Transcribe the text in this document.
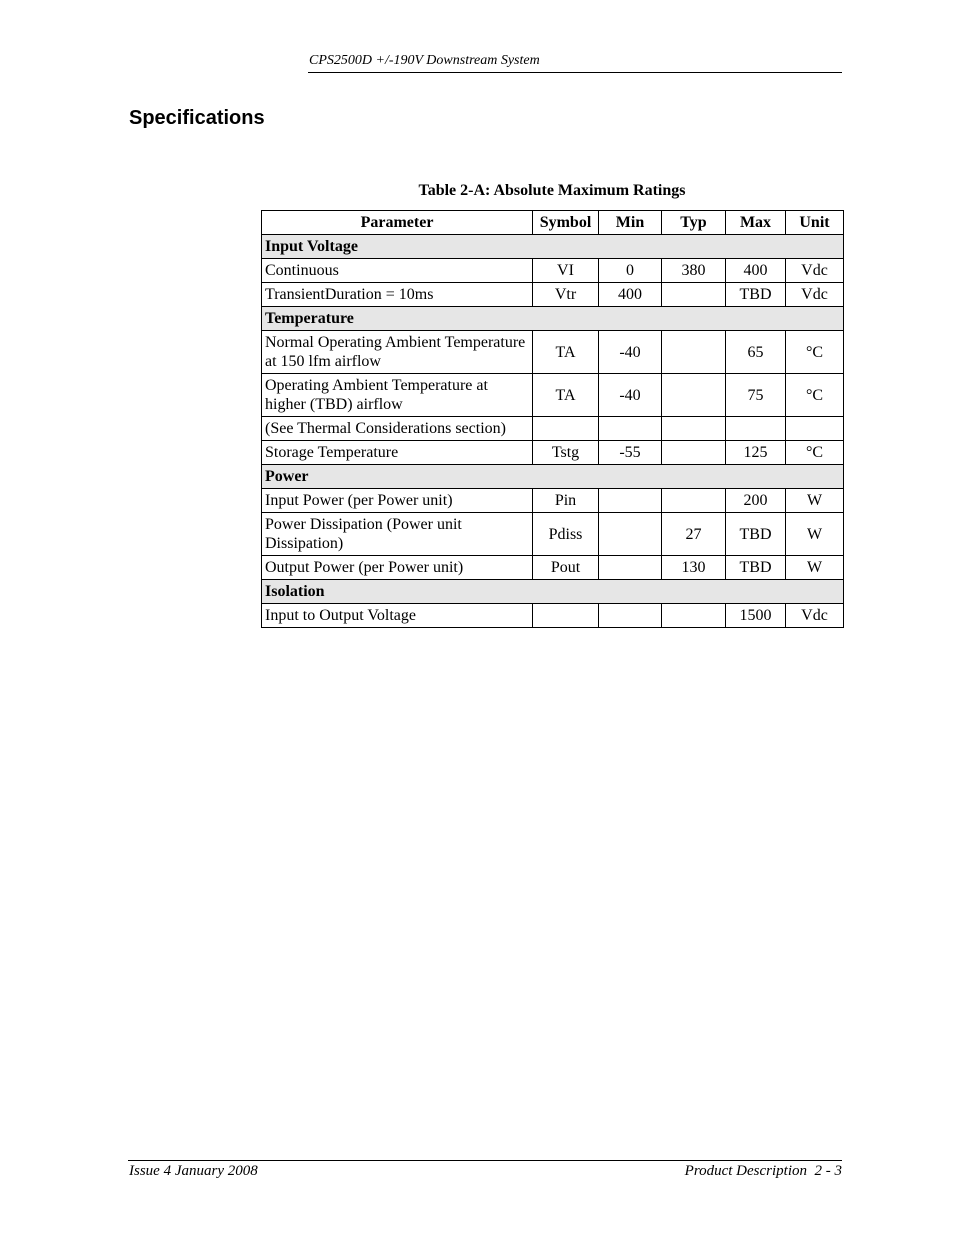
CPS2500D +/-190V Downstream System
Specifications
Table 2-A: Absolute Maximum Ratings
Parameter	Symbol	Min	Typ	Max	Unit
Input Voltage					
Continuous	VI	0	380	400	Vdc
TransientDuration = 10ms	Vtr	400		TBD	Vdc
Temperature					
Normal Operating Ambient Temperature at 150 lfm airflow	TA	-40		65	°C
Operating Ambient Temperature at higher (TBD) airflow	TA	-40		75	°C
(See Thermal Considerations section)					
Storage Temperature	Tstg	-55		125	°C
Power					
Input Power (per Power unit)	Pin			200	W
Power Dissipation (Power unit Dissipation)	Pdiss		27	TBD	W
Output Power (per Power unit)	Pout		130	TBD	W
Isolation					
Input to Output Voltage				1500	Vdc
Issue 4 January 2008	Product Description  2 - 3
